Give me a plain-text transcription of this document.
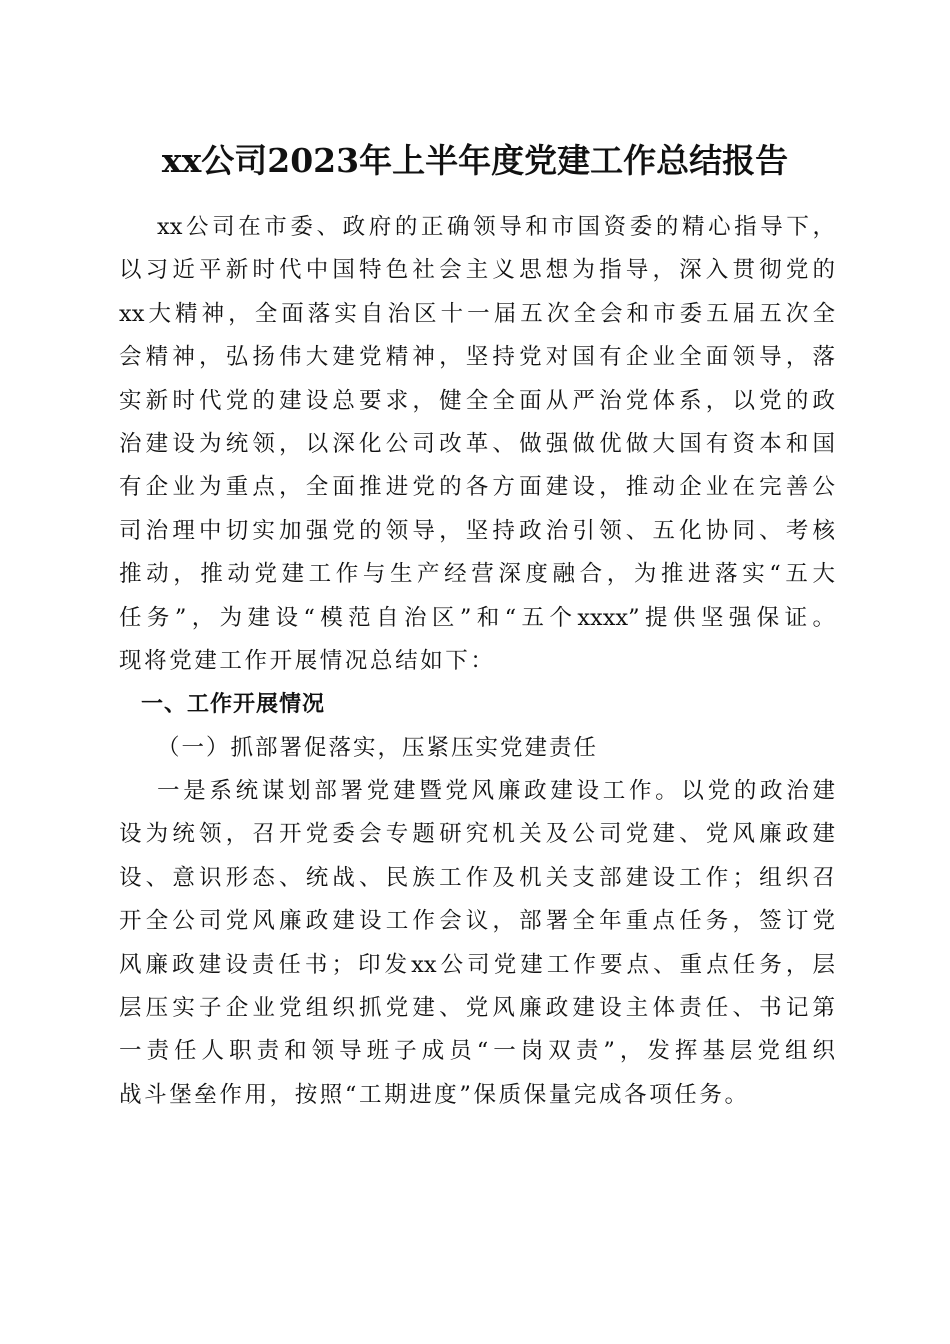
xx公司2023年上半年度党建工作总结报告
xx公司在市委、政府的正确领导和市国资委的精心指导下，
以习近平新时代中国特色社会主义思想为指导，深入贯彻党的
xx大精神，全面落实自治区十一届五次全会和市委五届五次全
会精神，弘扬伟大建党精神，坚持党对国有企业全面领导，落
实新时代党的建设总要求，健全全面从严治党体系，以党的政
治建设为统领，以深化公司改革、做强做优做大国有资本和国
有企业为重点，全面推进党的各方面建设，推动企业在完善公
司治理中切实加强党的领导，坚持政治引领、五化协同、考核
推动，推动党建工作与生产经营深度融合，为推进落实“五大
任务”，为建设“模范自治区”和“五个xxxx”提供坚强保证。
现将党建工作开展情况总结如下：
一、工作开展情况
（一）抓部署促落实，压紧压实党建责任
一是系统谋划部署党建暨党风廉政建设工作。以党的政治建
设为统领，召开党委会专题研究机关及公司党建、党风廉政建
设、意识形态、统战、民族工作及机关支部建设工作；组织召
开全公司党风廉政建设工作会议，部署全年重点任务，签订党
风廉政建设责任书；印发xx公司党建工作要点、重点任务，层
层压实子企业党组织抓党建、党风廉政建设主体责任、书记第
一责任人职责和领导班子成员“一岗双责”，发挥基层党组织
战斗堡垒作用，按照“工期进度”保质保量完成各项任务。
